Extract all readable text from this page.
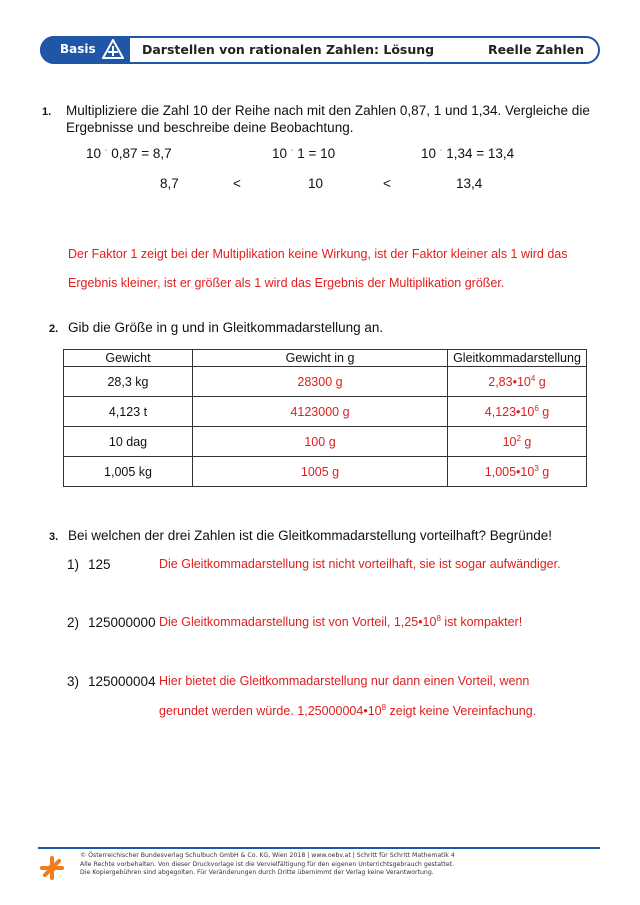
Basis	Darstellen von rationalen Zahlen: Lösung	Reelle Zahlen
1. Multipliziere die Zahl 10 der Reihe nach mit den Zahlen 0,87, 1 und 1,34. Vergleiche die
Ergebnisse und beschreibe deine Beobachtung.
10 · 0,87 = 8,7	10 · 1 = 10	10 · 1,34 = 13,4
8,7	<	10	<	13,4
Der Faktor 1 zeigt bei der Multiplikation keine Wirkung, ist der Faktor kleiner als 1 wird das
Ergebnis kleiner, ist er größer als 1 wird das Ergebnis der Multiplikation größer.
2. Gib die Größe in g und in Gleitkommadarstellung an.
Gewicht	Gewicht in g	Gleitkommadarstellung
28,3 kg	28300 g	$2,83•10^4$ g
4,123 t	4123000 g	$4,123•10^6$ g
10 dag	100 g	$10^2$ g
1,005 kg	1005 g	$1,005•10^3$ g
3. Bei welchen der drei Zahlen ist die Gleitkommadarstellung vorteilhaft? Begründe!
1) 125	Die Gleitkommadarstellung ist nicht vorteilhaft, sie ist sogar aufwändiger.
2) 125000000 Die Gleitkommadarstellung ist von Vorteil, $1,25•10^8$ ist kompakter!
3) 125000004 Hier bietet die Gleitkommadarstellung nur dann einen Vorteil, wenn
gerundet werden würde. $1,25000004•10^8$ zeigt keine Vereinfachung.
© Österreichischer Bundesverlag Schulbuch GmbH & Co. KG, Wien 2018 | www.oebv.at | Schritt für Schritt Mathematik 4
Alle Rechte vorbehalten. Von dieser Druckvorlage ist die Vervielfältigung für den eigenen Unterrichtsgebrauch gestattet.
Die Kopiergebühren sind abgegolten. Für Veränderungen durch Dritte übernimmt der Verlag keine Verantwortung.
